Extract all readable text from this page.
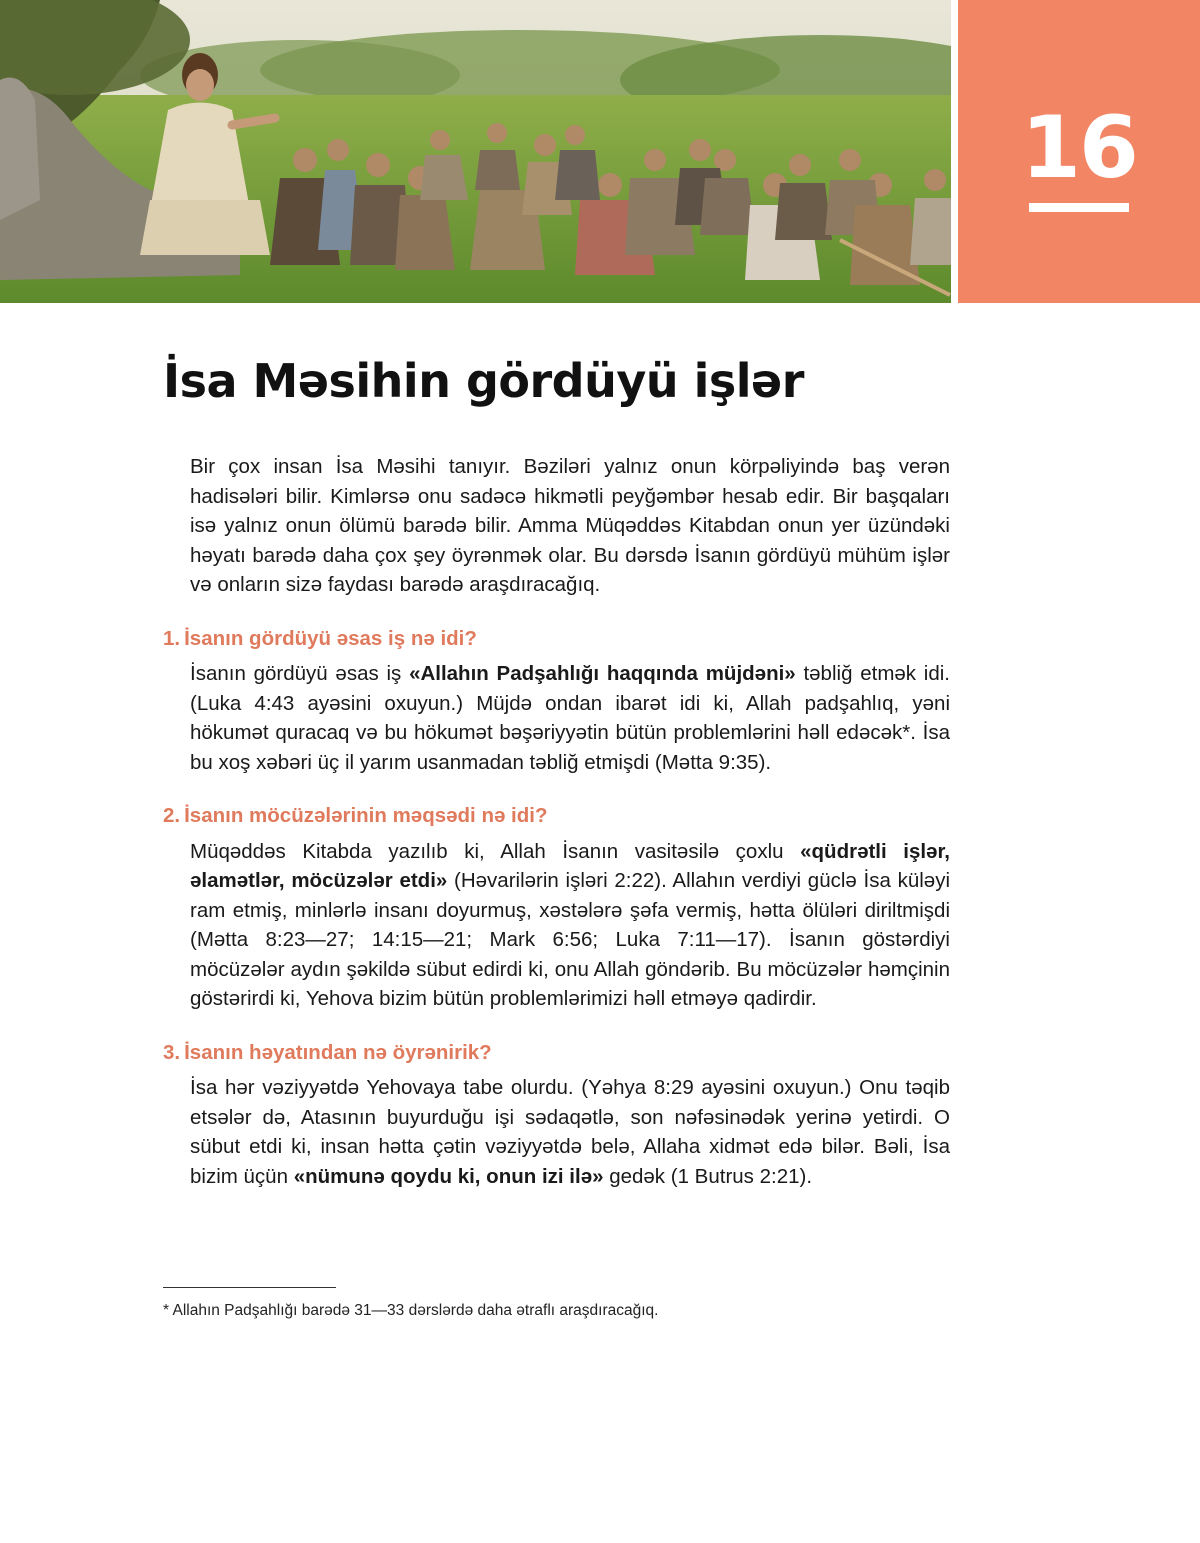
16
İsa Məsihin gördüyü işlər

Bir çox insan İsa Məsihi tanıyır. Bəziləri yalnız onun körpəliyində baş verən hadisələri bilir. Kimlərsə onu sadəcə hikmətli peyğəmbər hesab edir. Bir başqaları isə yalnız onun ölümü barədə bilir. Amma Müqəddəs Kitabdan onun yer üzündəki həyatı barədə daha çox şey öyrənmək olar. Bu dərsdə İsanın gördüyü mühüm işlər və onların sizə faydası barədə araşdıracağıq.

1. İsanın gördüyü əsas iş nə idi?

İsanın gördüyü əsas iş «Allahın Padşahlığı haqqında müjdəni» təbliğ etmək idi. (Luka 4:43 ayəsini oxuyun.) Müjdə ondan ibarət idi ki, Allah padşahlıq, yəni hökumət quracaq və bu hökumət bəşəriyyətin bütün problemlərini həll edəcək*. İsa bu xoş xəbəri üç il yarım usanmadan təbliğ etmişdi (Mətta 9:35).

2. İsanın möcüzələrinin məqsədi nə idi?

Müqəddəs Kitabda yazılıb ki, Allah İsanın vasitəsilə çoxlu «qüdrətli işlər, əlamətlər, möcüzələr etdi» (Həvarilərin işləri 2:22). Allahın verdiyi güclə İsa küləyi ram etmiş, minlərlə insanı doyurmuş, xəstələrə şəfa vermiş, hətta ölüləri diriltmişdi (Mətta 8:23—27; 14:15—21; Mark 6:56; Luka 7:11—17). İsanın göstərdiyi möcüzələr aydın şəkildə sübut edirdi ki, onu Allah göndərib. Bu möcüzələr həmçinin göstərirdi ki, Yehova bizim bütün problemlərimizi həll etməyə qadirdir.

3. İsanın həyatından nə öyrənirik?

İsa hər vəziyyətdə Yehovaya tabe olurdu. (Yəhya 8:29 ayəsini oxuyun.) Onu təqib etsələr də, Atasının buyurduğu işi sədaqətlə, son nəfəsinədək yerinə yetirdi. O sübut etdi ki, insan hətta çətin vəziyyətdə belə, Allaha xidmət edə bilər. Bəli, İsa bizim üçün «nümunə qoydu ki, onun izi ilə» gedək (1 Butrus 2:21).

* Allahın Padşahlığı barədə 31—33 dərslərdə daha ətraflı araşdıracağıq.
